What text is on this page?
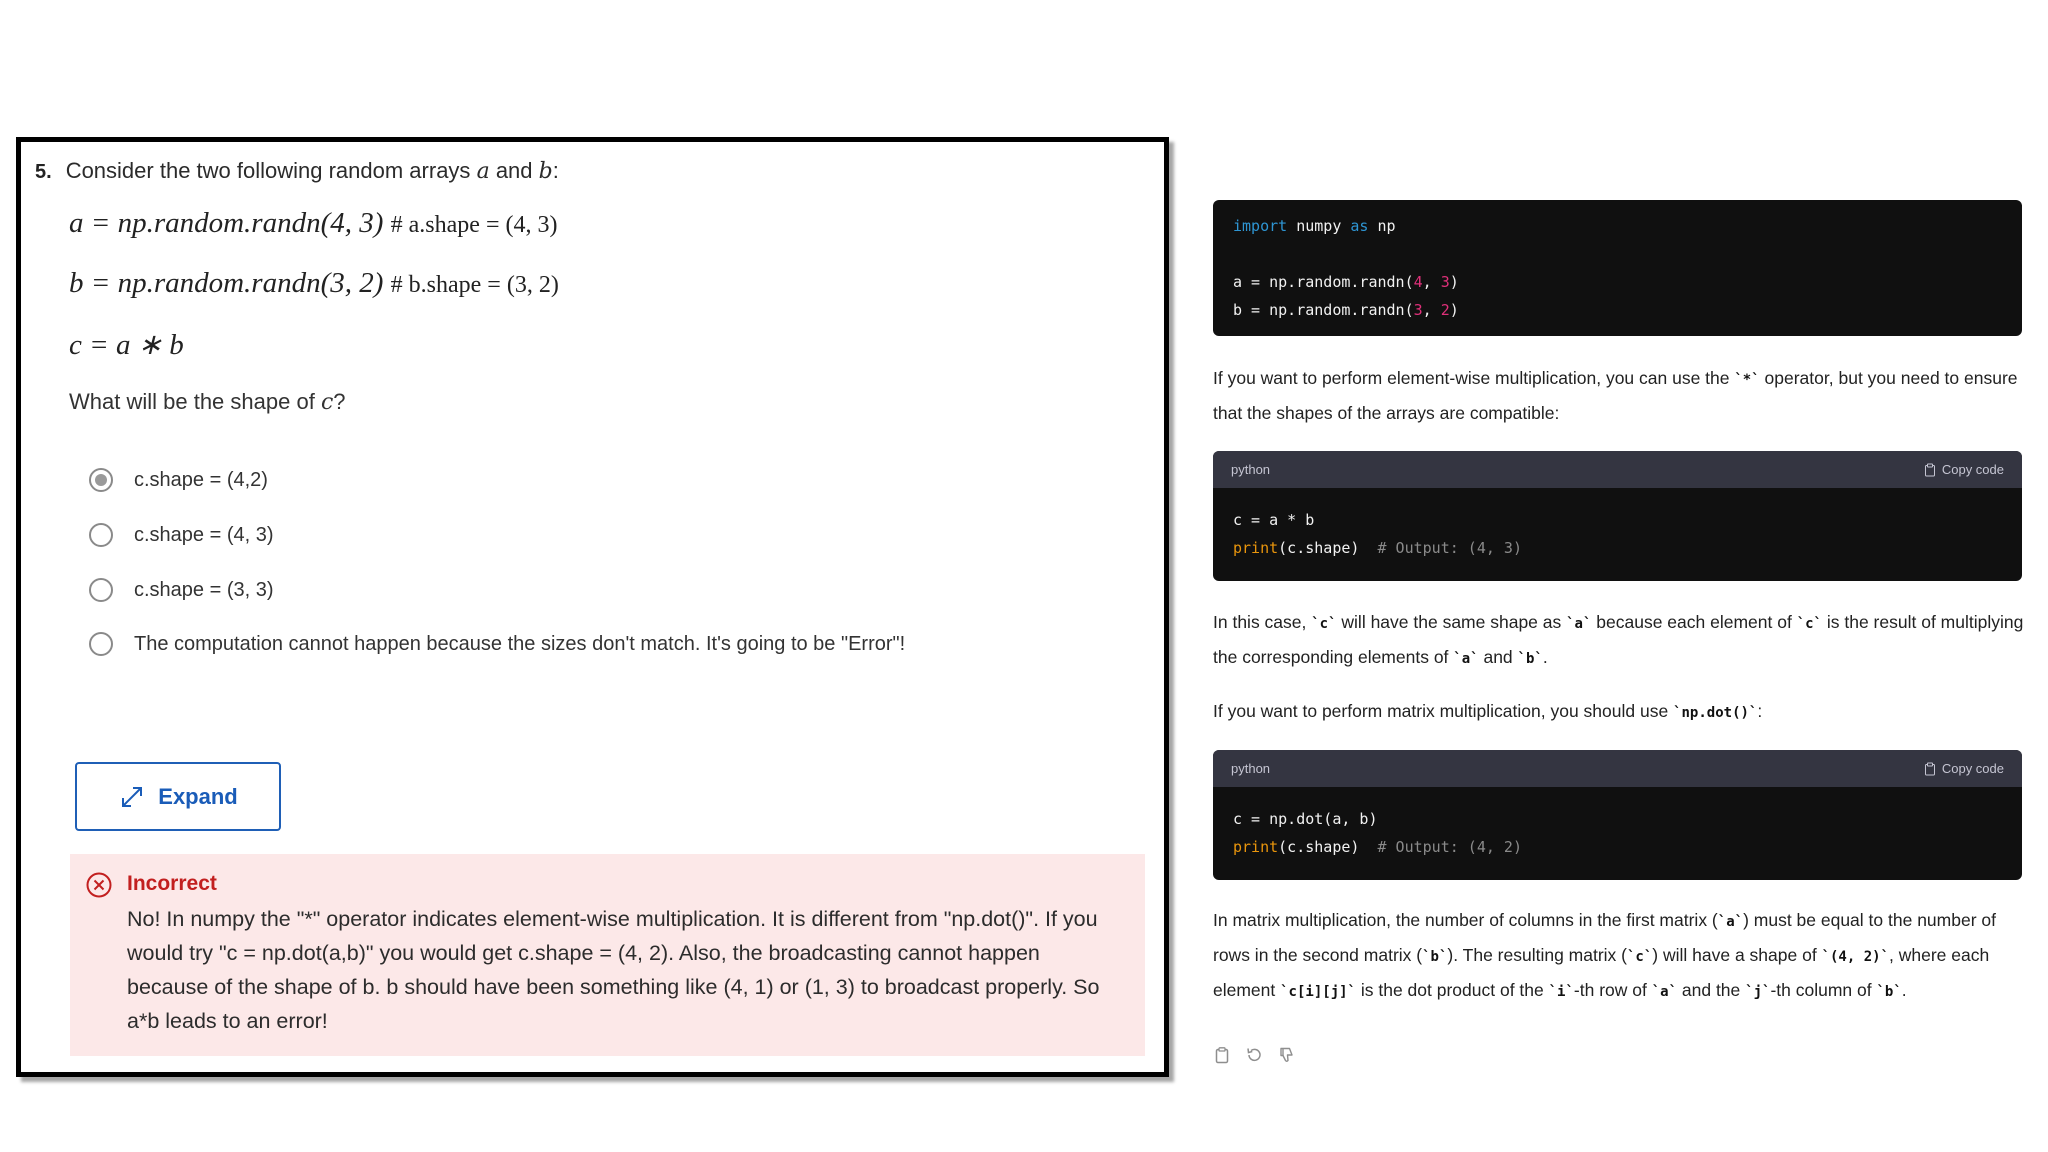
5. Consider the two following random arrays a and b:
a = np.random.randn(4, 3) # a.shape = (4, 3)
b = np.random.randn(3, 2) # b.shape = (3, 2)
c = a ∗ b
What will be the shape of c?
c.shape = (4,2)
c.shape = (4, 3)
c.shape = (3, 3)
The computation cannot happen because the sizes don't match. It's going to be "Error"!
Expand
Incorrect
No! In numpy the "*" operator indicates element-wise multiplication. It is different from "np.dot()". If you would try "c = np.dot(a,b)" you would get c.shape = (4, 2). Also, the broadcasting cannot happen because of the shape of b. b should have been something like (4, 1) or (1, 3) to broadcast properly. So a*b leads to an error!
import numpy as np

a = np.random.randn(4, 3)
b = np.random.randn(3, 2)
If you want to perform element-wise multiplication, you can use the `*` operator, but you need to ensure that the shapes of the arrays are compatible:
python	Copy code
c = a * b
print(c.shape)  # Output: (4, 3)
In this case, `c` will have the same shape as `a` because each element of `c` is the result of multiplying the corresponding elements of `a` and `b`.
If you want to perform matrix multiplication, you should use `np.dot()`:
python	Copy code
c = np.dot(a, b)
print(c.shape)  # Output: (4, 2)
In matrix multiplication, the number of columns in the first matrix (`a`) must be equal to the number of rows in the second matrix (`b`). The resulting matrix (`c`) will have a shape of `(4, 2)`, where each element `c[i][j]` is the dot product of the `i`-th row of `a` and the `j`-th column of `b`.
